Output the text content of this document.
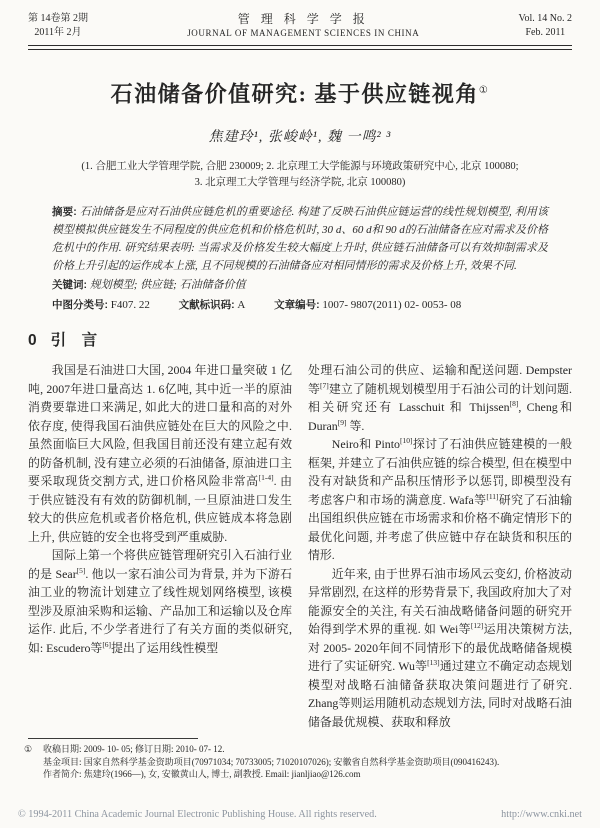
第 14卷第 2期
2011年 2月
管 理 科 学 学 报
JOURNAL OF MANAGEMENT SCIENCES IN CHINA
Vol. 14 No. 2
Feb. 2011
石油储备价值研究: 基于供应链视角①
焦建玲¹, 张峻岭¹, 魏 一鸣² ³
(1. 合肥工业大学管理学院, 合肥 230009; 2. 北京理工大学能源与环境政策研究中心, 北京 100080;
3. 北京理工大学管理与经济学院, 北京 100080)
摘要: 石油储备是应对石油供应链危机的重要途径. 构建了反映石油供应链运营的线性规划模型, 利用该模型模拟供应链发生不同程度的供应危机和价格危机时, 30 d、60 d和 90 d的石油储备在应对需求及价格危机中的作用. 研究结果表明: 当需求及价格发生较大幅度上升时, 供应链石油储备可以有效抑制需求及价格上升引起的运作成本上涨, 且不同规模的石油储备应对相同情形的需求及价格上升, 效果不同.
关键词: 规划模型; 供应链; 石油储备价值
中图分类号: F407. 22	文献标识码: A	文章编号: 1007- 9807(2011) 02- 0053- 08
0 引　言

我国是石油进口大国, 2004 年进口量突破 1 亿吨, 2007年进口量高达 1. 6亿吨, 其中近一半的原油消费要靠进口来满足, 如此大的进口量和高的对外依存度, 使得我国石油供应链处在巨大的风险之中. 虽然面临巨大风险, 但我国目前还没有建立起有效的防备机制, 没有建立必须的石油储备, 原油进口主要采取现货交割方式, 进口价格风险非常高[1-4]. 由于供应链没有有效的防御机制, 一旦原油进口发生较大的供应危机或者价格危机, 供应链成本将急剧上升, 供应链的安全也将受到严重威胁.

国际上第一个将供应链管理研究引入石油行业的是 Sear[5]. 他以一家石油公司为背景, 并为下游石油工业的物流计划建立了线性规划网络模型, 该模型涉及原油采购和运输、产品加工和运输以及仓库运作. 此后, 不少学者进行了有关方面的类似研究, 如: Escudero等[6]提出了运用线性模型

处理石油公司的供应、运输和配送问题. Dempster等[7]建立了随机规划模型用于石油公司的计划问题. 相关研究还有 Lasschuit 和 Thijssen[8], Cheng和 Duran[9] 等.

Neiro和 Pinto[10]探讨了石油供应链建模的一般框架, 并建立了石油供应链的综合模型, 但在模型中没有对缺货和产品积压情形予以惩罚, 即模型没有考虑客户和市场的满意度. Wafa等[11]研究了石油输出国组织供应链在市场需求和价格不确定情形下的最优化问题, 并考虑了供应链中存在缺货和积压的情形.

近年来, 由于世界石油市场风云变幻, 价格波动异常剧烈, 在这样的形势背景下, 我国政府加大了对能源安全的关注, 有关石油战略储备问题的研究开始得到学术界的重视. 如 Wei等[12]运用决策树方法, 对 2005- 2020年间不同情形下的最优战略储备规模进行了实证研究. Wu等[13]通过建立不确定动态规划模型对战略石油储备获取决策问题进行了研究. Zhang等则运用随机动态规划方法, 同时对战略石油储备最优规模、获取和释放

① 收稿日期: 2009- 10- 05; 修订日期: 2010- 07- 12.
基金项目: 国家自然科学基金资助项目(70971034; 70733005; 71020107026); 安徽省自然科学基金资助项目(090416243).
作者简介: 焦建玲(1966—), 女, 安徽黄山人, 博士, 副教授. Email: jianljiao@126.com
© 1994-2011 China Academic Journal Electronic Publishing House. All rights reserved.	http://www.cnki.net
